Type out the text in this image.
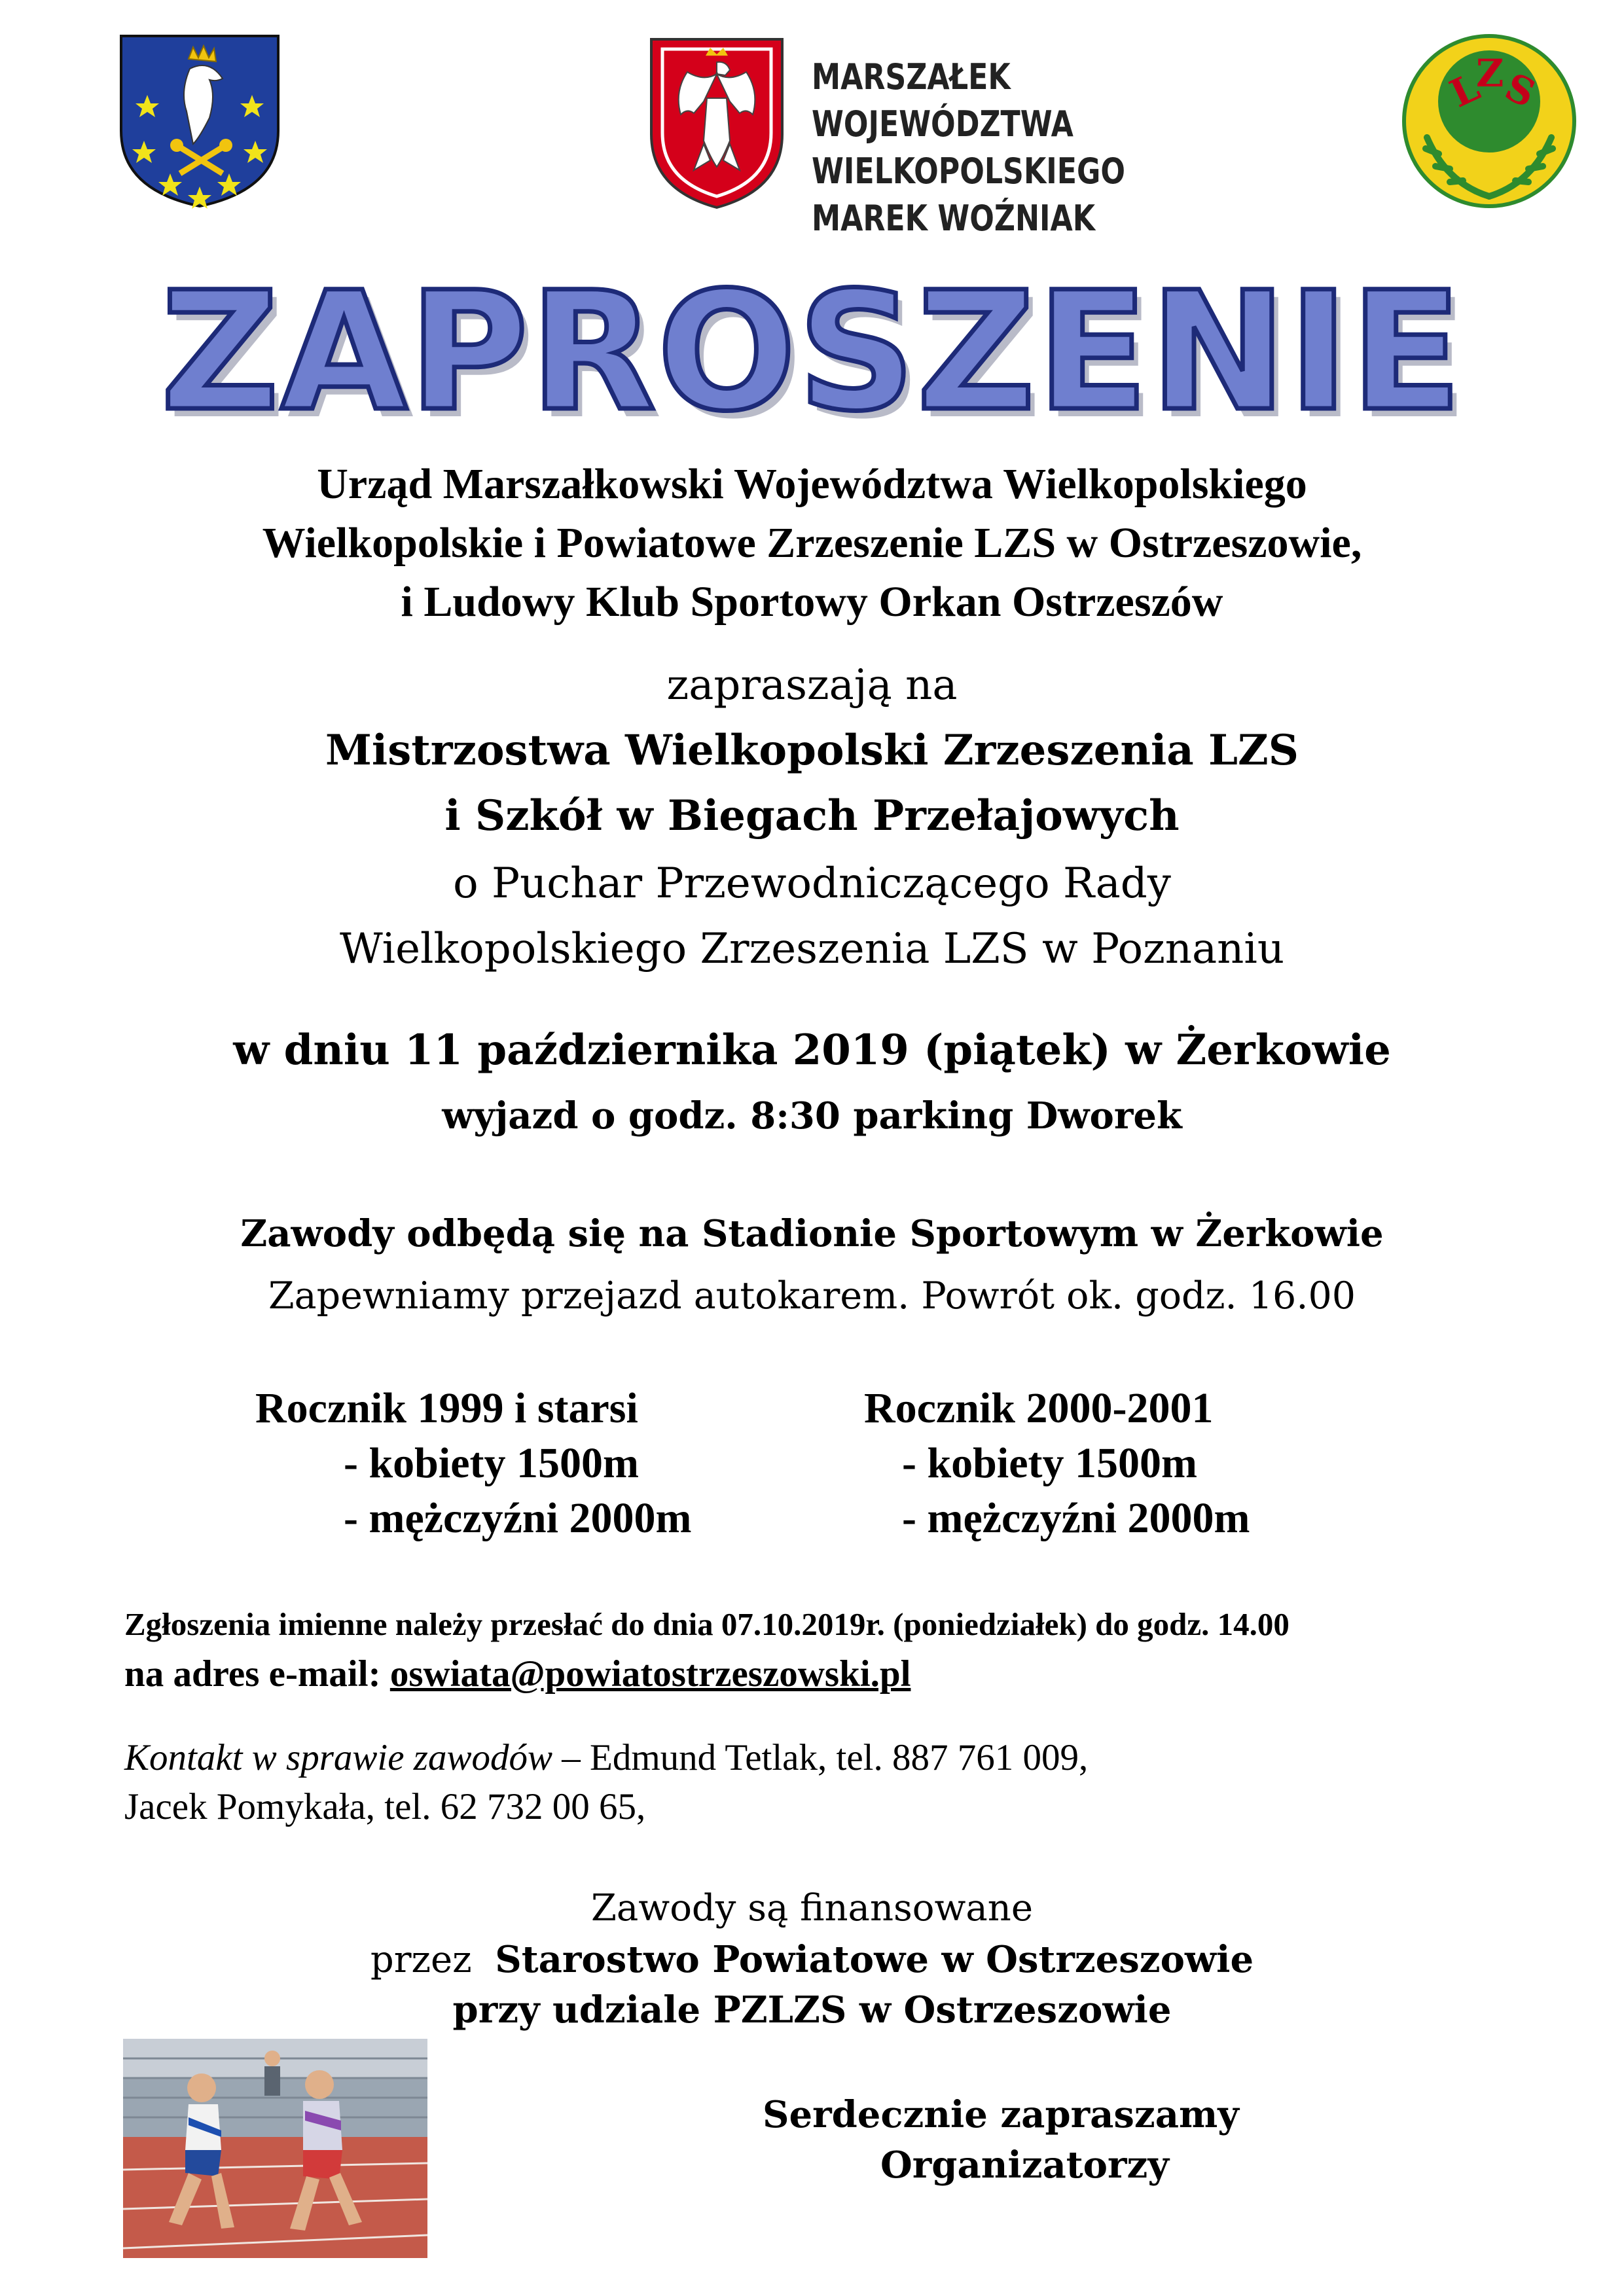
MARSZAŁEK WOJEWÓDZTWA
WIELKOPOLSKIEGO
MAREK WOŹNIAK
L
Z
S
ZAPROSZENIE
Urząd Marszałkowski Województwa Wielkopolskiego
Wielkopolskie i Powiatowe Zrzeszenie LZS w Ostrzeszowie,
i Ludowy Klub Sportowy Orkan Ostrzeszów
zapraszają na
Mistrzostwa Wielkopolski Zrzeszenia LZS
i Szkół w Biegach Przełajowych
o Puchar Przewodniczącego Rady
Wielkopolskiego Zrzeszenia LZS w Poznaniu
w dniu 11 października 2019 (piątek) w Żerkowie
wyjazd o godz. 8:30 parking Dworek
Zawody odbędą się na Stadionie Sportowym w Żerkowie
Zapewniamy przejazd autokarem. Powrót ok. godz. 16.00
Rocznik 1999 i starsi
- kobiety 1500m
- mężczyźni 2000m
Rocznik 2000-2001
- kobiety 1500m
- mężczyźni 2000m
Zgłoszenia imienne należy przesłać do dnia 07.10.2019r. (poniedziałek) do godz. 14.00
na adres e-mail: oswiata@powiatostrzeszowski.pl
Kontakt w sprawie zawodów – Edmund Tetlak, tel. 887 761 009,
Jacek Pomykała, tel. 62 732 00 65,
Zawody są finansowane
przez  Starostwo Powiatowe w Ostrzeszowie
przy udziale PZLZS w Ostrzeszowie
Serdecznie zapraszamy
Organizatorzy
